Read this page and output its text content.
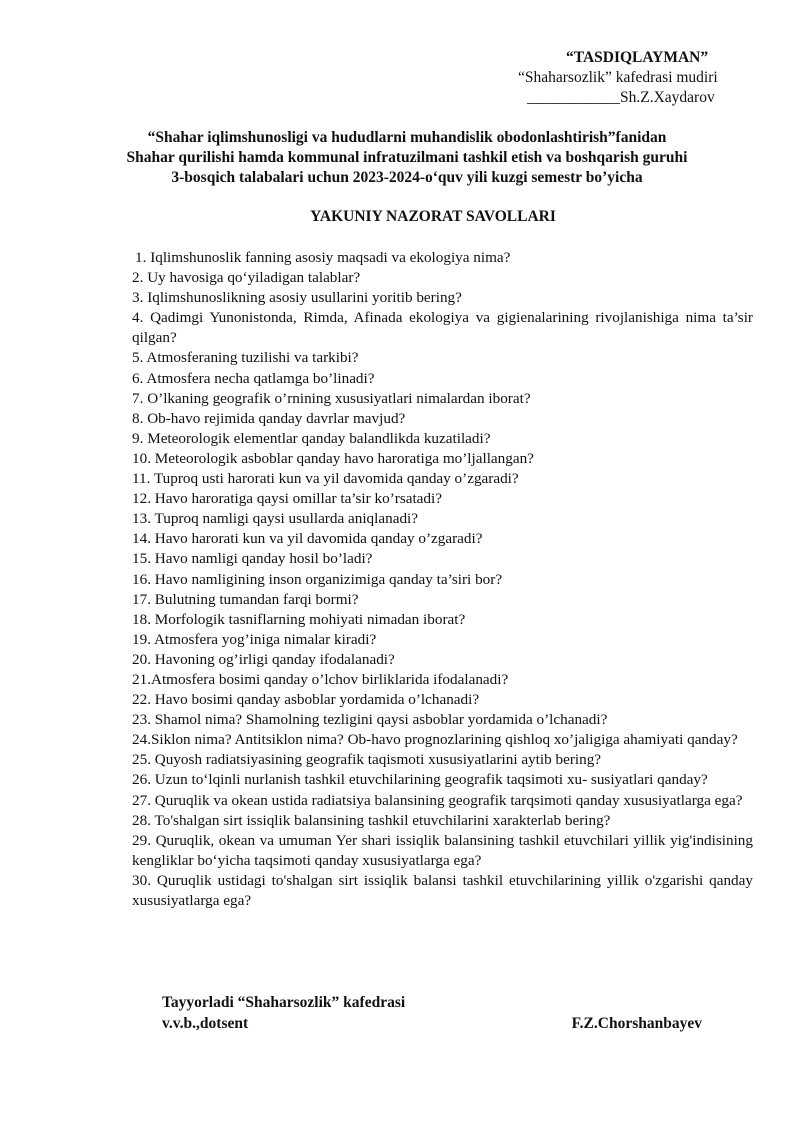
“TASDIQLAYMAN”
“Shaharsozlik” kafedrasi mudiri
____________Sh.Z.Xaydarov
“Shahar iqlimshunosligi va hududlarni muhandislik obodonlashtirish”fanidan
Shahar qurilishi hamda kommunal infratuzilmani tashkil etish va boshqarish guruhi
3-bosqich talabalari uchun 2023-2024-o‘quv yili kuzgi semestr bo’yicha
YAKUNIY NAZORAT SAVOLLARI
1. Iqlimshunoslik fanning asosiy maqsadi va ekologiya nima?
2. Uy havosiga qo‘yiladigan talablar?
3. Iqlimshunoslikning asosiy usullarini yoritib bering?
4. Qadimgi Yunonistonda, Rimda, Afinada ekologiya va gigienalarining rivojlanishiga nima ta’sir qilgan?
5. Atmosferaning tuzilishi va tarkibi?
6. Atmosfera necha qatlamga bo’linadi?
7. O’lkaning geografik o’rnining xususiyatlari nimalardan iborat?
8. Ob-havo rejimida qanday davrlar mavjud?
9. Meteorologik elementlar qanday balandlikda kuzatiladi?
10. Meteorologik asboblar qanday havo haroratiga mo’ljallangan?
11. Tuproq usti harorati kun va yil davomida qanday o’zgaradi?
12. Havo haroratiga qaysi omillar ta’sir ko’rsatadi?
13. Tuproq namligi qaysi usullarda aniqlanadi?
14. Havo harorati kun va yil davomida qanday o’zgaradi?
15. Havo namligi qanday hosil bo’ladi?
16. Havo namligining inson organizimiga qanday ta’siri bor?
17. Bulutning tumandan farqi bormi?
18. Morfologik tasniflarning mohiyati nimadan iborat?
19. Atmosfera yog’iniga nimalar kiradi?
20. Havoning og’irligi qanday ifodalanadi?
21.Atmosfera bosimi qanday o’lchov birliklarida ifodalanadi?
22. Havo bosimi qanday asboblar yordamida o’lchanadi?
23. Shamol nima? Shamolning tezligini qaysi asboblar yordamida o’lchanadi?
24.Siklon nima? Antitsiklon nima? Ob-havo prognozlarining qishloq xo’jaligiga ahamiyati qanday?
25. Quyosh radiatsiyasining geografik taqismoti xususiyatlarini aytib bering?
26. Uzun to‘lqinli nurlanish tashkil etuvchilarining geografik taqsimoti xu- susiyatlari qanday?
27. Quruqlik va okean ustida radiatsiya balansining geografik tarqsimoti qanday xususiyatlarga ega?
28. To'shalgan sirt issiqlik balansining tashkil etuvchilarini xarakterlab bering?
29. Quruqlik, okean va umuman Yer shari issiqlik balansining tashkil etuvchilari yillik yig'indisining kengliklar bo‘yicha taqsimoti qanday xususiyatlarga ega?
30. Quruqlik ustidagi to'shalgan sirt issiqlik balansi tashkil etuvchilarining yillik o'zgarishi qanday xususiyatlarga ega?
Tayyorladi “Shaharsozlik” kafedrasi
v.v.b.,dotsent	F.Z.Chorshanbayev
